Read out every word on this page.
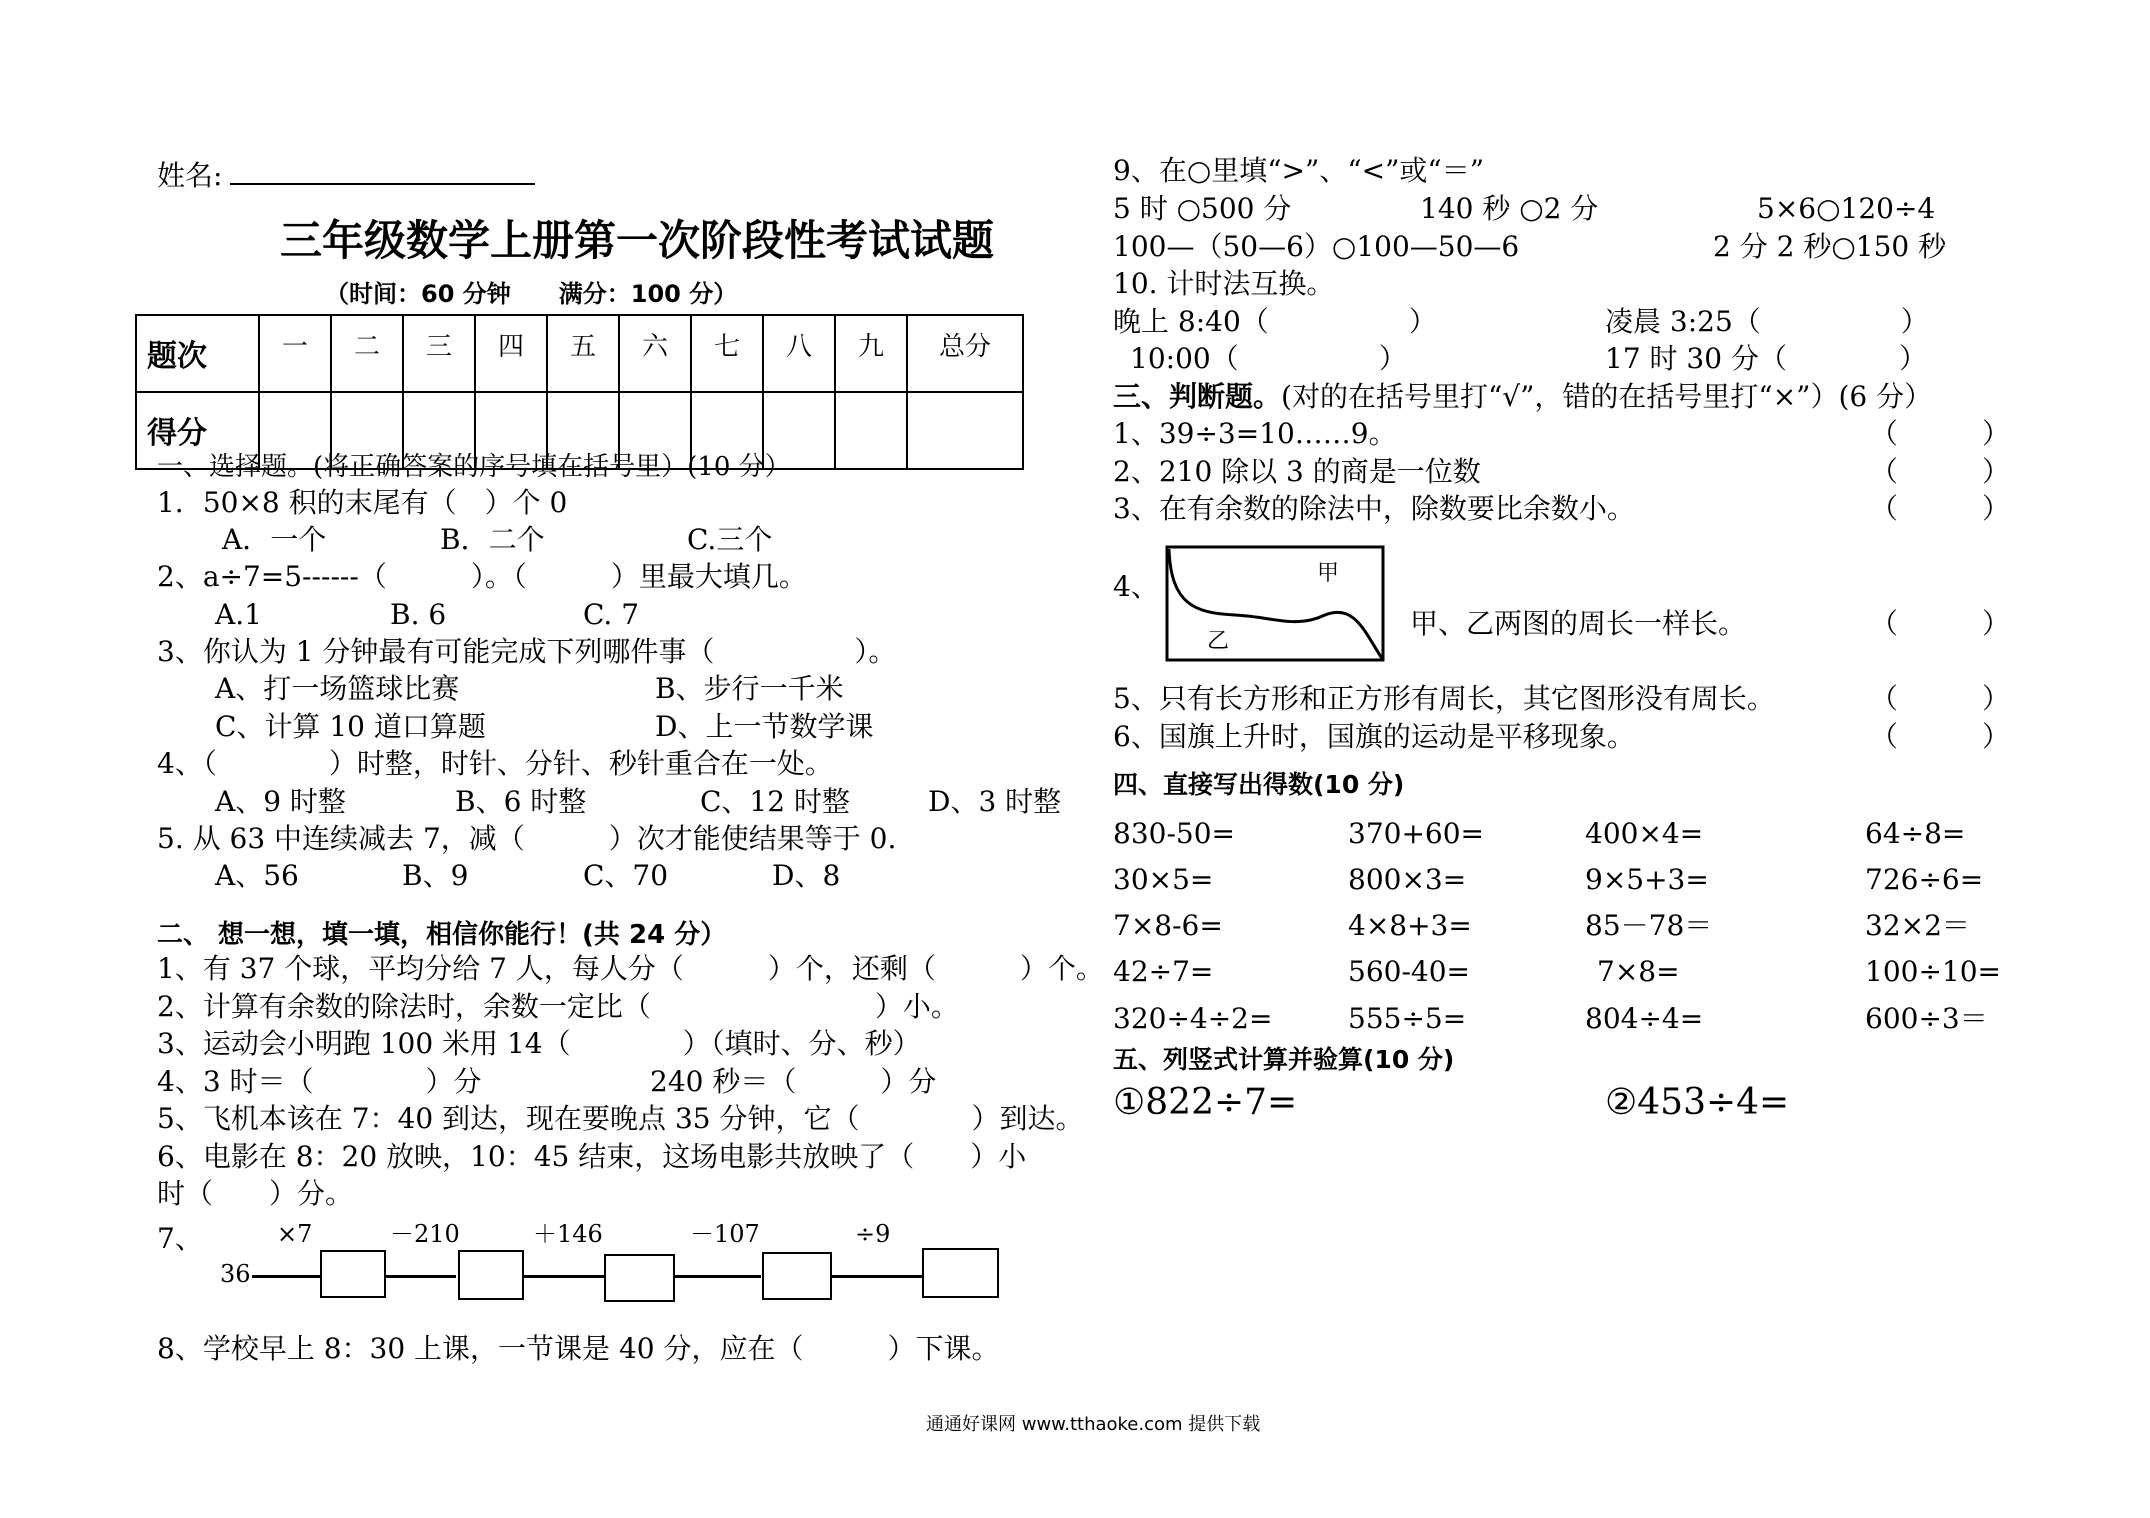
姓名:
三年级数学上册第一次阶段性考试试题
（时间：60 分钟　　满分：100 分）
题次	一	二	三	四	五	六	七	八	九	总分
得分										
一、选择题。(将正确答案的序号填在括号里）(10 分）
1．50×8 积的末尾有（　）个 0
A．一个	B．二个	C.三个
2、a÷7=5------（　　　）。（　　　）里最大填几。
A.1	B. 6	C. 7
3、你认为 1 分钟最有可能完成下列哪件事（　　　　　）。
A、打一场篮球比赛	B、步行一千米
C、计算 10 道口算题	D、上一节数学课
4、（　　　　）时整，时针、分针、秒针重合在一处。
A、9 时整	B、6 时整	C、12 时整	D、3 时整
5. 从 63 中连续减去 7，减（　　　）次才能使结果等于 0.
A、56	B、9	C、70	D、8
二、 想一想，填一填，相信你能行！(共 24 分）
1、有 37 个球，平均分给 7 人，每人分（　　　）个，还剩（　　　）个。
2、计算有余数的除法时，余数一定比（　　　　　　　　）小。
3、运动会小明跑 100 米用 14（　　　　）（填时、分、秒）
4、3 时＝（　　　　）分	240 秒＝（　　　）分
5、飞机本该在 7：40 到达，现在要晚点 35 分钟，它（　　　　）到达。
6、电影在 8：20 放映，10：45 结束，这场电影共放映了（　　）小
时（　　）分。
7、	×7	－210	＋146	－107	÷9
36
8、学校早上 8：30 上课，一节课是 40 分，应在（　　　）下课。
9、在○里填“>”、“<”或“＝”
5 时 ○500 分	140 秒 ○2 分	5×6○120÷4
100—（50—6）○100—50—6	2 分 2 秒○150 秒
10. 计时法互换。
晚上 8:40（　　　　　）	凌晨 3:25（　　　　　）
10:00（　　　　　）	17 时 30 分（　　　　）
三、判断题。(对的在括号里打“√”，错的在括号里打“×”）(6 分）
1、39÷3=10……9。	（　　　）
2、210 除以 3 的商是一位数	（　　　）
3、在有余数的除法中，除数要比余数小。	（　　　）
4、	甲
乙
甲、乙两图的周长一样长。	（　　　）
5、只有长方形和正方形有周长，其它图形没有周长。	（　　　）
6、国旗上升时，国旗的运动是平移现象。	（　　　）
四、直接写出得数(10 分)
830-50=	370+60=	400×4=	64÷8=
30×5=	800×3=	9×5+3=	726÷6=
7×8-6=	4×8+3=	85－78＝	32×2＝
42÷7=	560-40=	7×8=	100÷10=
320÷4÷2=	555÷5=	804÷4=	600÷3＝
五、列竖式计算并验算(10 分)
①822÷7=	②453÷4=
通通好课网 www.tthaoke.com 提供下载
